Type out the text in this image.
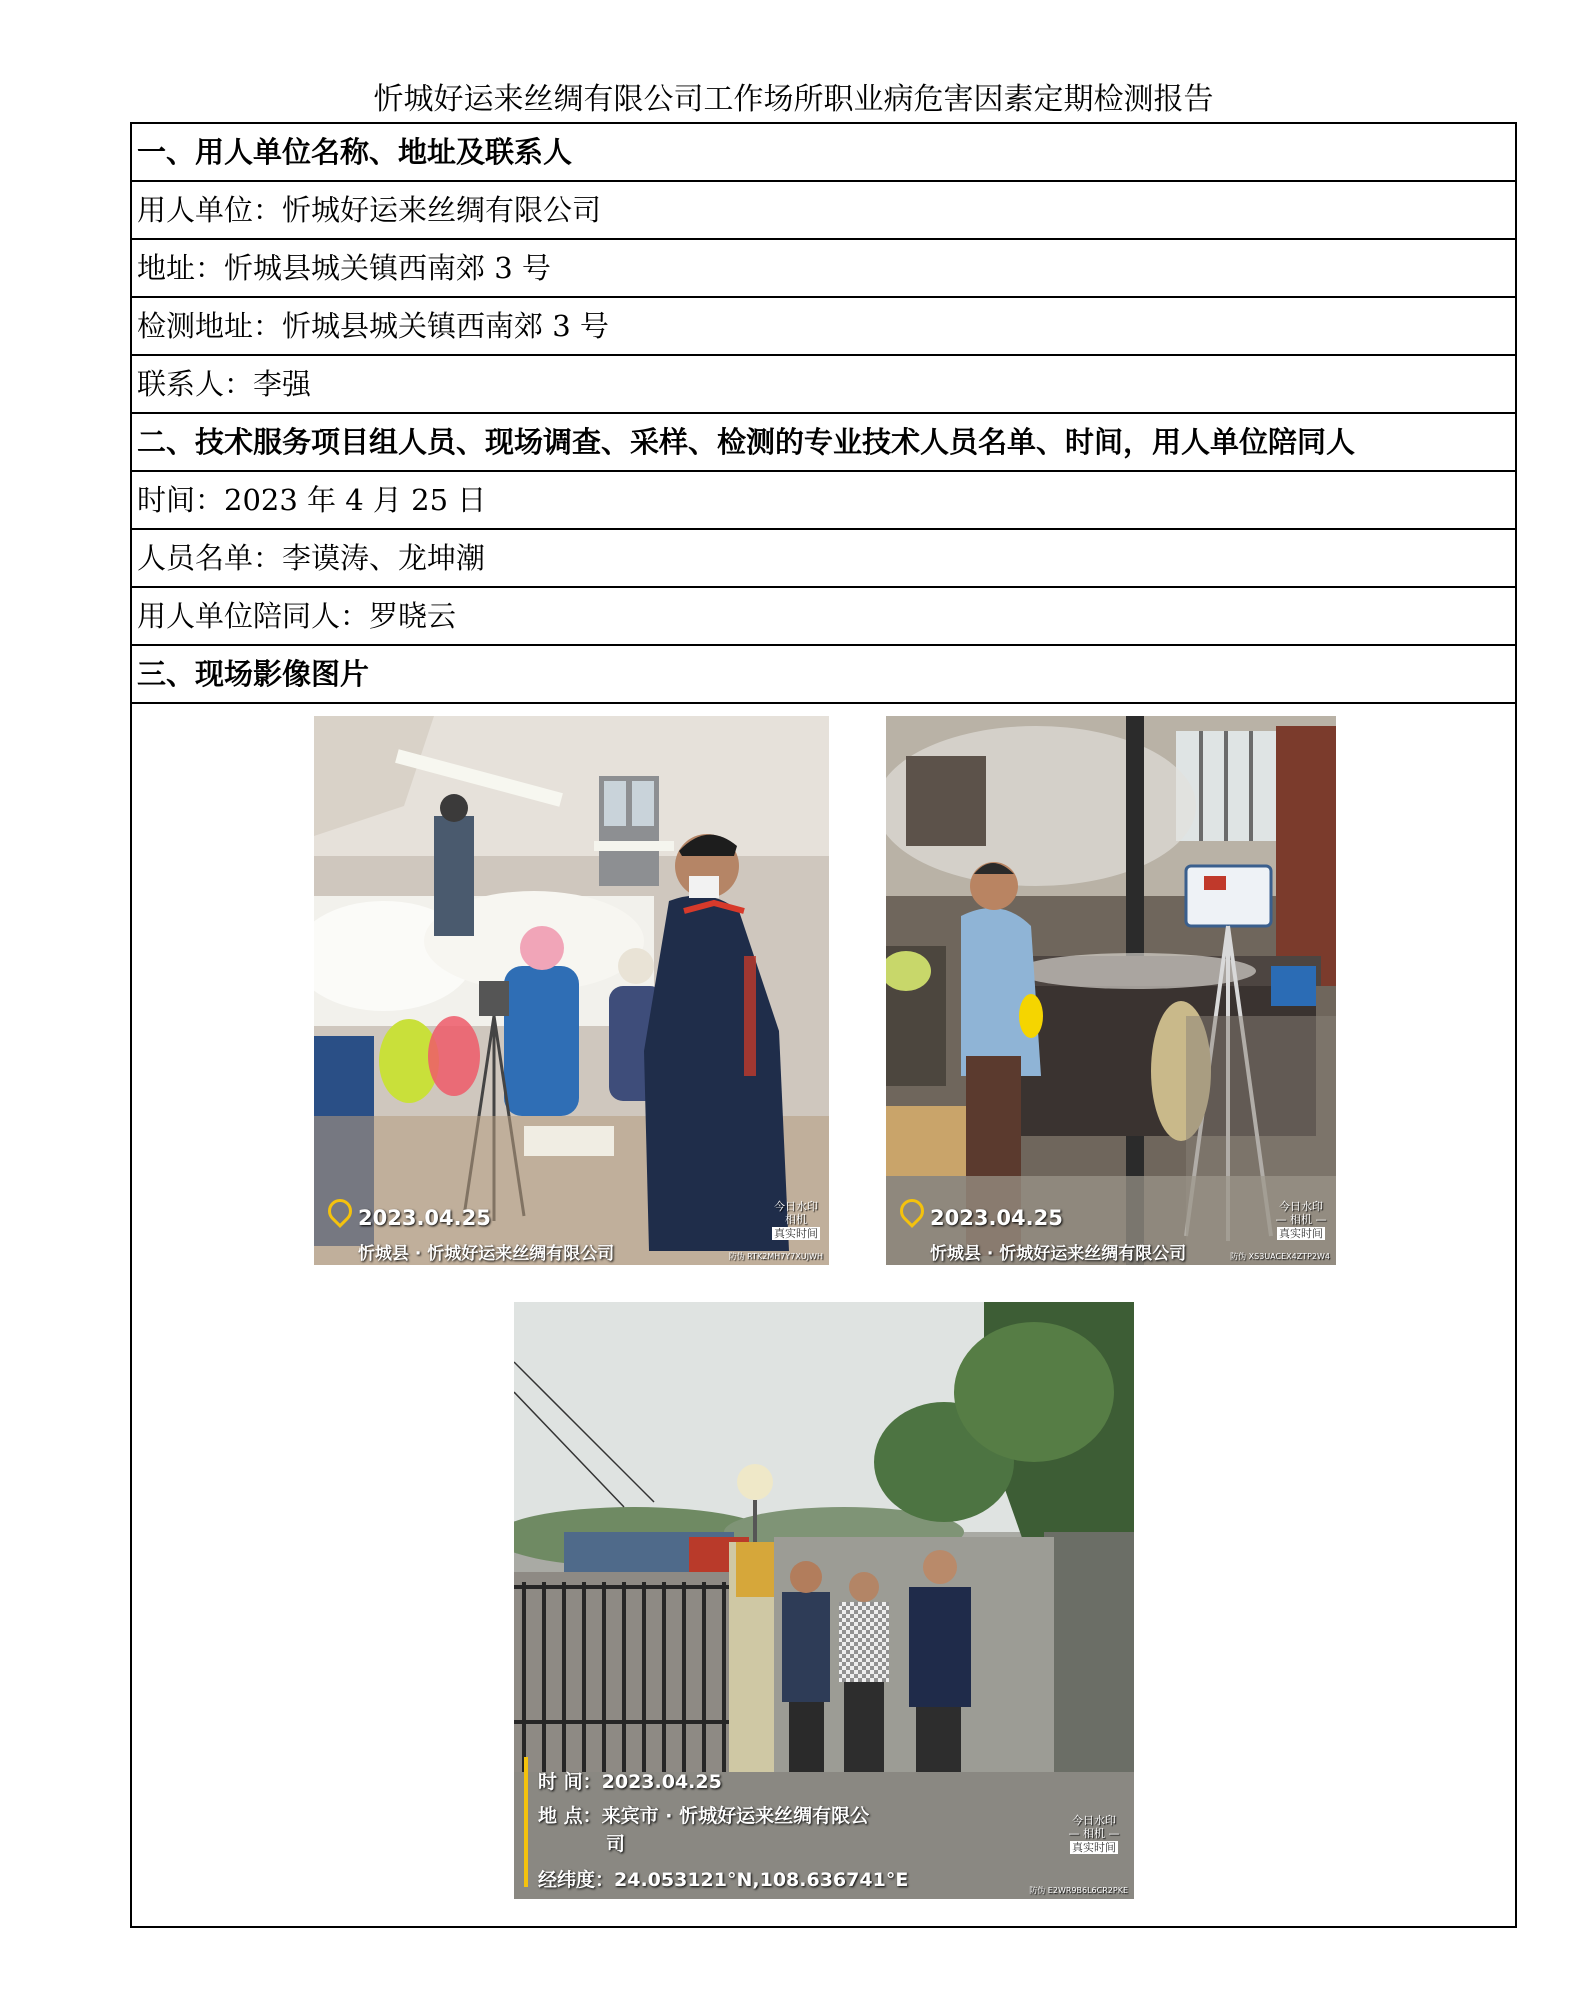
忻城好运来丝绸有限公司工作场所职业病危害因素定期检测报告
一、用人单位名称、地址及联系人
用人单位：忻城好运来丝绸有限公司
地址：忻城县城关镇西南郊 3 号
检测地址：忻城县城关镇西南郊 3 号
联系人：李强
二、技术服务项目组人员、现场调查、采样、检测的专业技术人员名单、时间，用人单位陪同人
时间：2023 年 4 月 25 日
人员名单：李谟涛、龙坤潮
用人单位陪同人：罗晓云
三、现场影像图片

2023.04.25
忻城县 · 忻城好运来丝绸有限公司
今日水印
相机
真实时间
防伪 RTK2MH7Y7XUJWH
2023.04.25
忻城县 · 忻城好运来丝绸有限公司
今日水印
— 相机 —
真实时间
防伪 XS3UACEX4ZTP2W4
时 间：2023.04.25
地 点：来宾市 · 忻城好运来丝绸有限公
司
经纬度：24.053121°N,108.636741°E
今日水印
— 相机 —
真实时间
防伪 E2WR9B6L6CR2PKE
